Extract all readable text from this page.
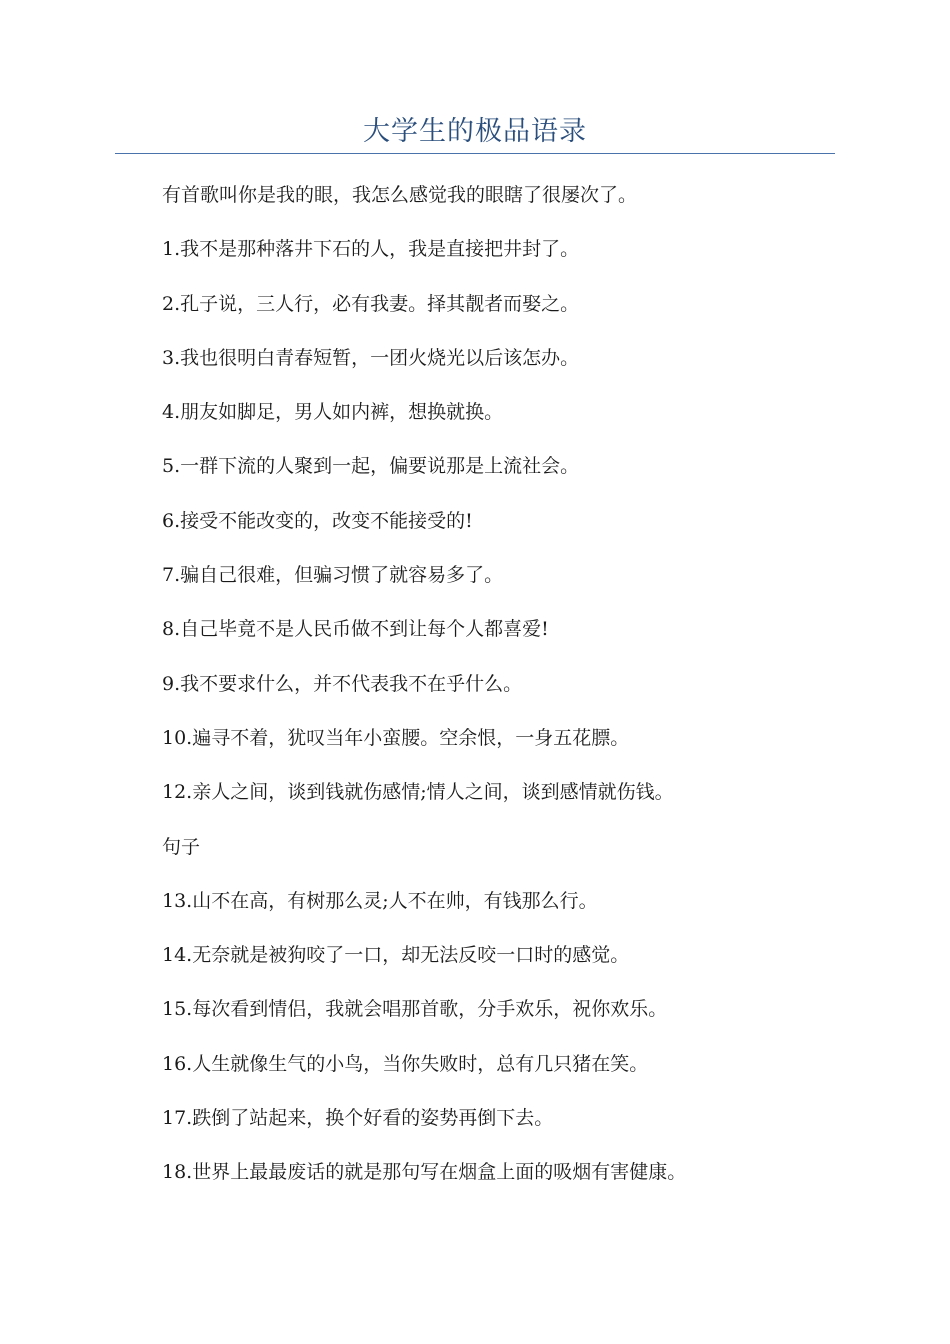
大学生的极品语录
有首歌叫你是我的眼，我怎么感觉我的眼瞎了很屡次了。
1.我不是那种落井下石的人，我是直接把井封了。
2.孔子说，三人行，必有我妻。择其靓者而娶之。
3.我也很明白青春短暂，一团火烧光以后该怎办。
4.朋友如脚足，男人如内裤，想换就换。
5.一群下流的人聚到一起，偏要说那是上流社会。
6.接受不能改变的，改变不能接受的!
7.骗自己很难，但骗习惯了就容易多了。
8.自己毕竟不是人民币做不到让每个人都喜爱!
9.我不要求什么，并不代表我不在乎什么。
10.遍寻不着，犹叹当年小蛮腰。空余恨，一身五花膘。
12.亲人之间，谈到钱就伤感情;情人之间，谈到感情就伤钱。
句子
13.山不在高，有树那么灵;人不在帅，有钱那么行。
14.无奈就是被狗咬了一口，却无法反咬一口时的感觉。
15.每次看到情侣，我就会唱那首歌，分手欢乐，祝你欢乐。
16.人生就像生气的小鸟，当你失败时，总有几只猪在笑。
17.跌倒了站起来，换个好看的姿势再倒下去。
18.世界上最最废话的就是那句写在烟盒上面的吸烟有害健康。
